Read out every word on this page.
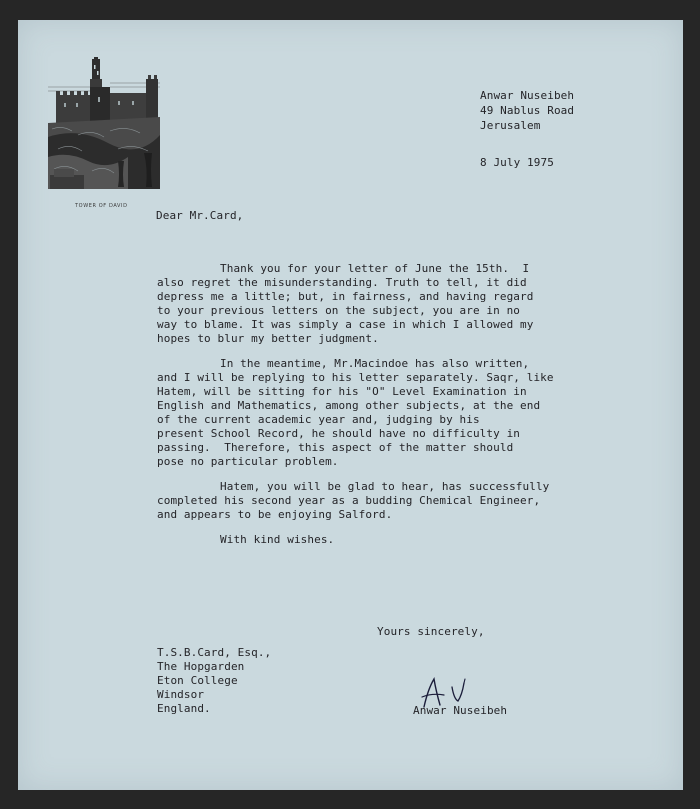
TOWER OF DAVID
Anwar Nuseibeh
49 Nablus Road
Jerusalem
8 July 1975
Dear Mr.Card,
Thank you for your letter of June the 15th.  I
also regret the misunderstanding. Truth to tell, it did
depress me a little; but, in fairness, and having regard
to your previous letters on the subject, you are in no
way to blame. It was simply a case in which I allowed my
hopes to blur my better judgment.
In the meantime, Mr.Macindoe has also written,
and I will be replying to his letter separately. Saqr, like
Hatem, will be sitting for his "O" Level Examination in
English and Mathematics, among other subjects, at the end
of the current academic year and, judging by his
present School Record, he should have no difficulty in
passing.  Therefore, this aspect of the matter should
pose no particular problem.
Hatem, you will be glad to hear, has successfully
completed his second year as a budding Chemical Engineer,
and appears to be enjoying Salford.
With kind wishes.
Yours sincerely,
T.S.B.Card, Esq.,
The Hopgarden
Eton College
Windsor
England.	Anwar Nuseibeh
